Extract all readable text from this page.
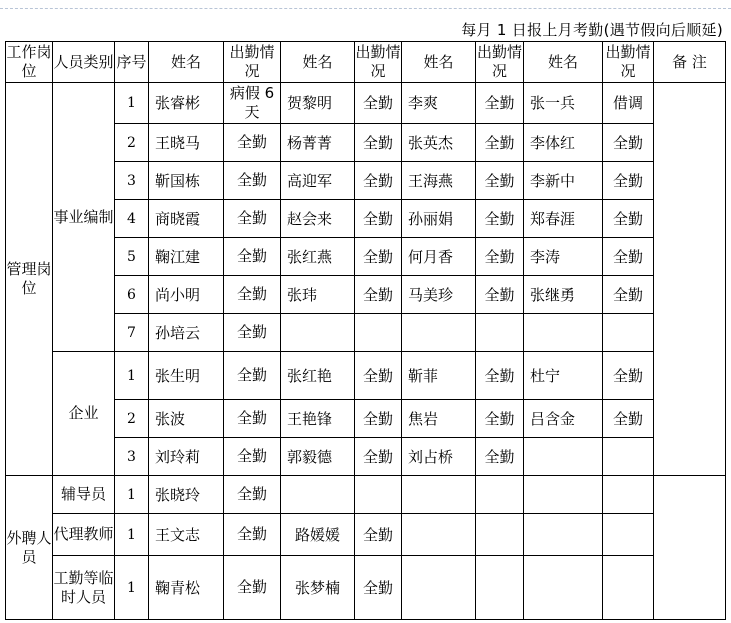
每月 1 日报上月考勤(遇节假向后顺延)
工作岗位	人员类别	序号	姓名	出勤情况	姓名	出勤情况	姓名	出勤情况	姓名	出勤情况	备 注
管理岗位	事业编制	1	张睿彬	病假 6 天	贺黎明	全勤	李爽	全勤	张一兵	借调	
		2	王晓马	全勤	杨菁菁	全勤	张英杰	全勤	李体红	全勤	
		3	靳国栋	全勤	高迎军	全勤	王海燕	全勤	李新中	全勤	
		4	商晓霞	全勤	赵会来	全勤	孙丽娟	全勤	郑春涯	全勤	
		5	鞠江建	全勤	张红燕	全勤	何月香	全勤	李涛	全勤	
		6	尚小明	全勤	张玮	全勤	马美珍	全勤	张继勇	全勤	
		7	孙培云	全勤							
	企业	1	张生明	全勤	张红艳	全勤	靳菲	全勤	杜宁	全勤	
		2	张波	全勤	王艳锋	全勤	焦岩	全勤	吕含金	全勤	
		3	刘玲莉	全勤	郭毅德	全勤	刘占桥	全勤			
外聘人员	辅导员	1	张晓玲	全勤							
	代理教师	1	王文志	全勤	路媛媛	全勤					
	工勤等临时人员	1	鞠青松	全勤	张梦楠	全勤					
